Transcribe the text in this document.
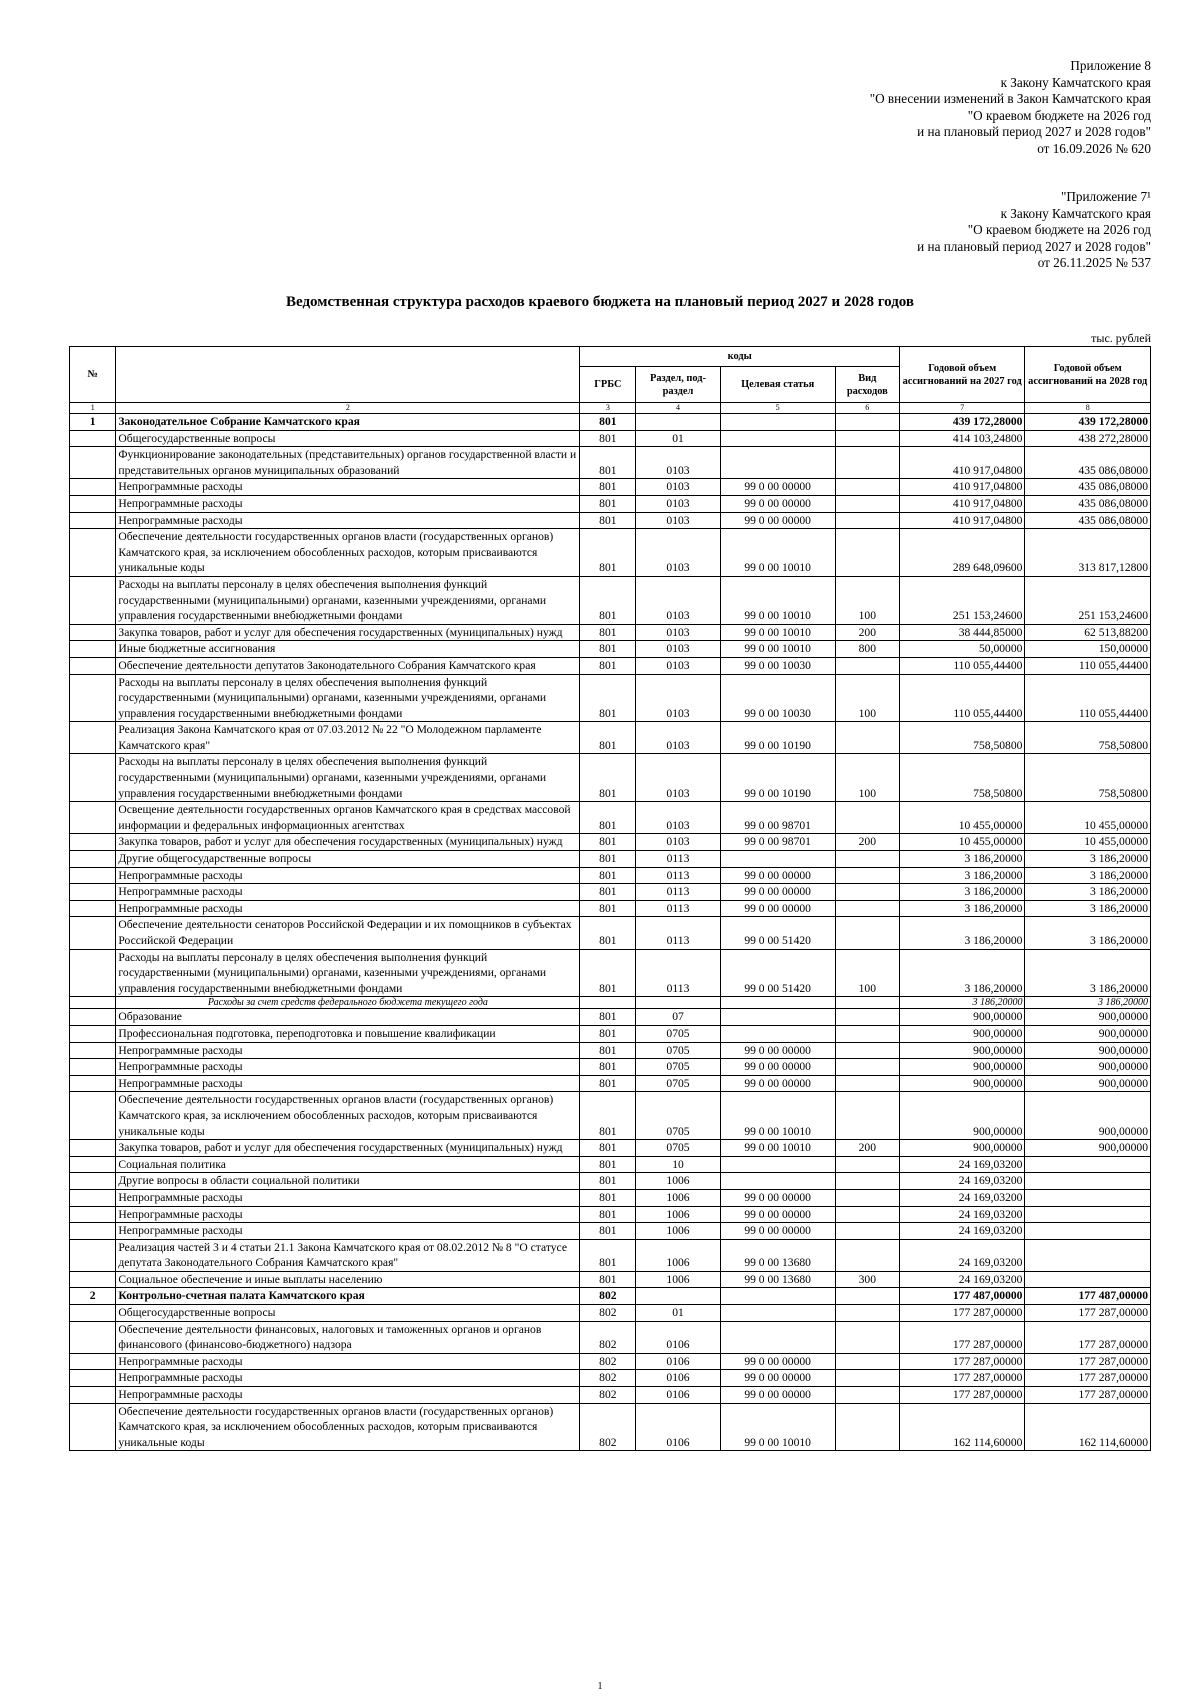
Приложение 8
к Закону Камчатского края
"О внесении изменений в Закон Камчатского края
"О краевом бюджете на 2026 год
и на плановый период 2027 и 2028 годов"
от 16.09.2026 № 620
"Приложение 7¹
к Закону Камчатского края
"О краевом бюджете на 2026 год
и на плановый период 2027 и 2028 годов"
от 26.11.2025 № 537
Ведомственная структура расходов краевого бюджета на плановый период 2027 и 2028 годов
тыс. рублей
№		коды				Годовой объем ассигнований на 2027 год	Годовой объем ассигнований на 2028 год
		ГРБС	Раздел, под-раздел	Целевая статья	Вид расходов		
1	2	3	4	5	6	7	8
1	Законодательное Собрание Камчатского края	801				439 172,28000	439 172,28000
	Общегосударственные вопросы	801	01			414 103,24800	438 272,28000
	Функционирование законодательных (представительных) органов государственной власти и представительных органов муниципальных образований	801	0103			410 917,04800	435 086,08000
	Непрограммные расходы	801	0103	99 0 00 00000		410 917,04800	435 086,08000
	Непрограммные расходы	801	0103	99 0 00 00000		410 917,04800	435 086,08000
	Непрограммные расходы	801	0103	99 0 00 00000		410 917,04800	435 086,08000
	Обеспечение деятельности государственных органов власти (государственных органов) Камчатского края, за исключением обособленных расходов, которым присваиваются уникальные коды	801	0103	99 0 00 10010		289 648,09600	313 817,12800
	Расходы на выплаты персоналу в целях обеспечения выполнения функций государственными (муниципальными) органами, казенными учреждениями, органами управления государственными внебюджетными фондами	801	0103	99 0 00 10010	100	251 153,24600	251 153,24600
	Закупка товаров, работ и услуг для обеспечения государственных (муниципальных) нужд	801	0103	99 0 00 10010	200	38 444,85000	62 513,88200
	Иные бюджетные ассигнования	801	0103	99 0 00 10010	800	50,00000	150,00000
	Обеспечение деятельности депутатов Законодательного Собрания Камчатского края	801	0103	99 0 00 10030		110 055,44400	110 055,44400
	Расходы на выплаты персоналу в целях обеспечения выполнения функций государственными (муниципальными) органами, казенными учреждениями, органами управления государственными внебюджетными фондами	801	0103	99 0 00 10030	100	110 055,44400	110 055,44400
	Реализация Закона Камчатского края от 07.03.2012 № 22 "О Молодежном парламенте Камчатского края"	801	0103	99 0 00 10190		758,50800	758,50800
	Расходы на выплаты персоналу в целях обеспечения выполнения функций государственными (муниципальными) органами, казенными учреждениями, органами управления государственными внебюджетными фондами	801	0103	99 0 00 10190	100	758,50800	758,50800
	Освещение деятельности государственных органов Камчатского края в средствах массовой информации и федеральных информационных агентствах	801	0103	99 0 00 98701		10 455,00000	10 455,00000
	Закупка товаров, работ и услуг для обеспечения государственных (муниципальных) нужд	801	0103	99 0 00 98701	200	10 455,00000	10 455,00000
	Другие общегосударственные вопросы	801	0113			3 186,20000	3 186,20000
	Непрограммные расходы	801	0113	99 0 00 00000		3 186,20000	3 186,20000
	Непрограммные расходы	801	0113	99 0 00 00000		3 186,20000	3 186,20000
	Непрограммные расходы	801	0113	99 0 00 00000		3 186,20000	3 186,20000
	Обеспечение деятельности сенаторов Российской Федерации и их помощников в субъектах Российской Федерации	801	0113	99 0 00 51420		3 186,20000	3 186,20000
	Расходы на выплаты персоналу в целях обеспечения выполнения функций государственными (муниципальными) органами, казенными учреждениями, органами управления государственными внебюджетными фондами	801	0113	99 0 00 51420	100	3 186,20000	3 186,20000
	Расходы за счет средств федерального бюджета текущего года					3 186,20000	3 186,20000
	Образование	801	07			900,00000	900,00000
	Профессиональная подготовка, переподготовка и повышение квалификации	801	0705			900,00000	900,00000
	Непрограммные расходы	801	0705	99 0 00 00000		900,00000	900,00000
	Непрограммные расходы	801	0705	99 0 00 00000		900,00000	900,00000
	Непрограммные расходы	801	0705	99 0 00 00000		900,00000	900,00000
	Обеспечение деятельности государственных органов власти (государственных органов) Камчатского края, за исключением обособленных расходов, которым присваиваются уникальные коды	801	0705	99 0 00 10010		900,00000	900,00000
	Закупка товаров, работ и услуг для обеспечения государственных (муниципальных) нужд	801	0705	99 0 00 10010	200	900,00000	900,00000
	Социальная политика	801	10			24 169,03200	
	Другие вопросы в области социальной политики	801	1006			24 169,03200	
	Непрограммные расходы	801	1006	99 0 00 00000		24 169,03200	
	Непрограммные расходы	801	1006	99 0 00 00000		24 169,03200	
	Непрограммные расходы	801	1006	99 0 00 00000		24 169,03200	
	Реализация частей 3 и 4 статьи 21.1 Закона Камчатского края от 08.02.2012 № 8 "О статусе депутата Законодательного Собрания Камчатского края"	801	1006	99 0 00 13680		24 169,03200	
	Социальное обеспечение и иные выплаты населению	801	1006	99 0 00 13680	300	24 169,03200	
2	Контрольно-счетная палата Камчатского края	802				177 487,00000	177 487,00000
	Общегосударственные вопросы	802	01			177 287,00000	177 287,00000
	Обеспечение деятельности финансовых, налоговых и таможенных органов и органов финансового (финансово-бюджетного) надзора	802	0106			177 287,00000	177 287,00000
	Непрограммные расходы	802	0106	99 0 00 00000		177 287,00000	177 287,00000
	Непрограммные расходы	802	0106	99 0 00 00000		177 287,00000	177 287,00000
	Непрограммные расходы	802	0106	99 0 00 00000		177 287,00000	177 287,00000
	Обеспечение деятельности государственных органов власти (государственных органов) Камчатского края, за исключением обособленных расходов, которым присваиваются уникальные коды	802	0106	99 0 00 10010		162 114,60000	162 114,60000
1
